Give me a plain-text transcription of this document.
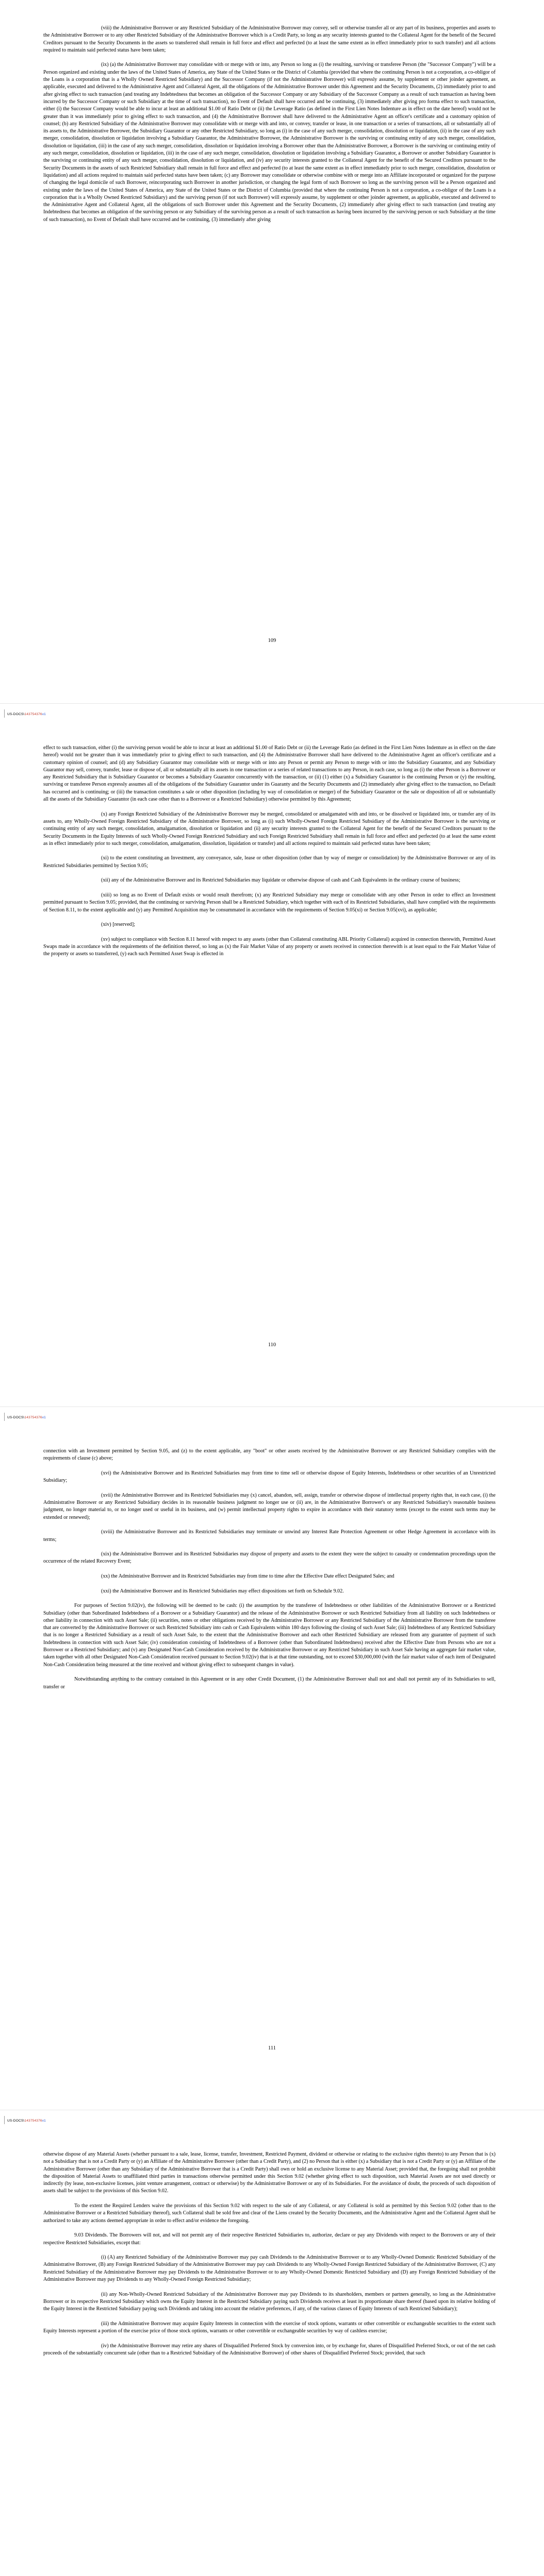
(viii) the Administrative Borrower or any Restricted Subsidiary of the Administrative Borrower may convey, sell or otherwise transfer all or any part of its business, properties and assets to the Administrative Borrower or to any other Restricted Subsidiary of the Administrative Borrower which is a Credit Party, so long as any security interests granted to the Collateral Agent for the benefit of the Secured Creditors pursuant to the Security Documents in the assets so transferred shall remain in full force and effect and perfected (to at least the same extent as in effect immediately prior to such transfer) and all actions required to maintain said perfected status have been taken;

(ix) (a) the Administrative Borrower may consolidate with or merge with or into, any Person so long as (i) the resulting, surviving or transferee Person (the "Successor Company") will be a Person organized and existing under the laws of the United States of America, any State of the United States or the District of Columbia (provided that where the continuing Person is not a corporation, a co-obligor of the Loans is a corporation that is a Wholly Owned Restricted Subsidiary) and the Successor Company (if not the Administrative Borrower) will expressly assume, by supplement or other joinder agreement, as applicable, executed and delivered to the Administrative Agent and Collateral Agent, all the obligations of the Administrative Borrower under this Agreement and the Security Documents, (2) immediately prior to and after giving effect to such transaction (and treating any Indebtedness that becomes an obligation of the Successor Company or any Subsidiary of the Successor Company as a result of such transaction as having been incurred by the Successor Company or such Subsidiary at the time of such transaction), no Event of Default shall have occurred and be continuing, (3) immediately after giving pro forma effect to such transaction, either (i) the Successor Company would be able to incur at least an additional $1.00 of Ratio Debt or (ii) the Leverage Ratio (as defined in the First Lien Notes Indenture as in effect on the date hereof) would not be greater than it was immediately prior to giving effect to such transaction, and (4) the Administrative Borrower shall have delivered to the Administrative Agent an officer's certificate and a customary opinion of counsel; (b) any Restricted Subsidiary of the Administrative Borrower may consolidate with or merge with and into, or convey, transfer or lease, in one transaction or a series of transactions, all or substantially all of its assets to, the Administrative Borrower, the Subsidiary Guarantor or any other Restricted Subsidiary, so long as (i) in the case of any such merger, consolidation, dissolution or liquidation, (ii) in the case of any such merger, consolidation, dissolution or liquidation involving a Subsidiary Guarantor, the Administrative Borrower, the Administrative Borrower is the surviving or continuing entity of any such merger, consolidation, dissolution or liquidation, (iii) in the case of any such merger, consolidation, dissolution or liquidation involving a Borrower other than the Administrative Borrower, a Borrower is the surviving or continuing entity of any such merger, consolidation, dissolution or liquidation, (iii) in the case of any such merger, consolidation, dissolution or liquidation involving a Subsidiary Guarantor, a Borrower or another Subsidiary Guarantor is the surviving or continuing entity of any such merger, consolidation, dissolution or liquidation, and (iv) any security interests granted to the Collateral Agent for the benefit of the Secured Creditors pursuant to the Security Documents in the assets of such Restricted Subsidiary shall remain in full force and effect and perfected (to at least the same extent as in effect immediately prior to such merger, consolidation, dissolution or liquidation) and all actions required to maintain said perfected status have been taken; (c) any Borrower may consolidate or otherwise combine with or merge into an Affiliate incorporated or organized for the purpose of changing the legal domicile of such Borrower, reincorporating such Borrower in another jurisdiction, or changing the legal form of such Borrower so long as the surviving person will be a Person organized and existing under the laws of the United States of America, any State of the United States or the District of Columbia (provided that where the continuing Person is not a corporation, a co-obligor of the Loans is a corporation that is a Wholly Owned Restricted Subsidiary) and the surviving person (if not such Borrower) will expressly assume, by supplement or other joinder agreement, as applicable, executed and delivered to the Administrative Agent and Collateral Agent, all the obligations of such Borrower under this Agreement and the Security Documents, (2) immediately after giving effect to such transaction (and treating any Indebtedness that becomes an obligation of the surviving person or any Subsidiary of the surviving person as a result of such transaction as having been incurred by the surviving person or such Subsidiary at the time of such transaction), no Event of Default shall have occurred and be continuing, (3) immediately after giving

109
US-DOCS\143754376v1

effect to such transaction, either (i) the surviving person would be able to incur at least an additional $1.00 of Ratio Debt or (ii) the Leverage Ratio (as defined in the First Lien Notes Indenture as in effect on the date hereof) would not be greater than it was immediately prior to giving effect to such transaction, and (4) the Administrative Borrower shall have delivered to the Administrative Agent an officer's certificate and a customary opinion of counsel; and (d) any Subsidiary Guarantor may consolidate with or merge with or into any Person or permit any Person to merge with or into the Subsidiary Guarantor, and any Subsidiary Guarantor may sell, convey, transfer, lease or dispose of, all or substantially all its assets in one transaction or a series of related transactions to any Person, in each case, so long as (i) the other Person is a Borrower or any Restricted Subsidiary that is Subsidiary Guarantor or becomes a Subsidiary Guarantor concurrently with the transaction, or (ii) (1) either (x) a Subsidiary Guarantor is the continuing Person or (y) the resulting, surviving or transferee Person expressly assumes all of the obligations of the Subsidiary Guarantor under its Guaranty and the Security Documents and (2) immediately after giving effect to the transaction, no Default has occurred and is continuing; or (iii) the transaction constitutes a sale or other disposition (including by way of consolidation or merger) of the Subsidiary Guarantor or the sale or disposition of all or substantially all the assets of the Subsidiary Guarantor (in each case other than to a Borrower or a Restricted Subsidiary) otherwise permitted by this Agreement;

(x) any Foreign Restricted Subsidiary of the Administrative Borrower may be merged, consolidated or amalgamated with and into, or be dissolved or liquidated into, or transfer any of its assets to, any Wholly-Owned Foreign Restricted Subsidiary of the Administrative Borrower, so long as (i) such Wholly-Owned Foreign Restricted Subsidiary of the Administrative Borrower is the surviving or continuing entity of any such merger, consolidation, amalgamation, dissolution or liquidation and (ii) any security interests granted to the Collateral Agent for the benefit of the Secured Creditors pursuant to the Security Documents in the Equity Interests of such Wholly-Owned Foreign Restricted Subsidiary and such Foreign Restricted Subsidiary shall remain in full force and effect and perfected (to at least the same extent as in effect immediately prior to such merger, consolidation, amalgamation, dissolution, liquidation or transfer) and all actions required to maintain said perfected status have been taken;

(xi) to the extent constituting an Investment, any conveyance, sale, lease or other disposition (other than by way of merger or consolidation) by the Administrative Borrower or any of its Restricted Subsidiaries permitted by Section 9.05;

(xii) any of the Administrative Borrower and its Restricted Subsidiaries may liquidate or otherwise dispose of cash and Cash Equivalents in the ordinary course of business;

(xiii) so long as no Event of Default exists or would result therefrom; (x) any Restricted Subsidiary may merge or consolidate with any other Person in order to effect an Investment permitted pursuant to Section 9.05; provided, that the continuing or surviving Person shall be a Restricted Subsidiary, which together with each of its Restricted Subsidiaries, shall have complied with the requirements of Section 8.11, to the extent applicable and (y) any Permitted Acquisition may be consummated in accordance with the requirements of Section 9.05(xi) or Section 9.05(xvi), as applicable;

(xiv) [reserved];

(xv) subject to compliance with Section 8.11 hereof with respect to any assets (other than Collateral constituting ABL Priority Collateral) acquired in connection therewith, Permitted Asset Swaps made in accordance with the requirements of the definition thereof, so long as (x) the Fair Market Value of any property or assets received in connection therewith is at least equal to the Fair Market Value of the property or assets so transferred, (y) each such Permitted Asset Swap is effected in

110
US-DOCS\143754376v1

connection with an Investment permitted by Section 9.05, and (z) to the extent applicable, any "boot" or other assets received by the Administrative Borrower or any Restricted Subsidiary complies with the requirements of clause (c) above;

(xvi) the Administrative Borrower and its Restricted Subsidiaries may from time to time sell or otherwise dispose of Equity Interests, Indebtedness or other securities of an Unrestricted Subsidiary;

(xvii) the Administrative Borrower and its Restricted Subsidiaries may (x) cancel, abandon, sell, assign, transfer or otherwise dispose of intellectual property rights that, in each case, (i) the Administrative Borrower or any Restricted Subsidiary decides in its reasonable business judgment no longer use or (ii) are, in the Administrative Borrower's or any Restricted Subsidiary's reasonable business judgment, no longer material to, or no longer used or useful in its business, and (w) permit intellectual property rights to expire in accordance with their statutory terms (except to the extent such terms may be extended or renewed);

(xviii) the Administrative Borrower and its Restricted Subsidiaries may terminate or unwind any Interest Rate Protection Agreement or other Hedge Agreement in accordance with its terms;

(xix) the Administrative Borrower and its Restricted Subsidiaries may dispose of property and assets to the extent they were the subject to casualty or condemnation proceedings upon the occurrence of the related Recovery Event;

(xx) the Administrative Borrower and its Restricted Subsidiaries may from time to time after the Effective Date effect Designated Sales; and

(xxi) the Administrative Borrower and its Restricted Subsidiaries may effect dispositions set forth on Schedule 9.02.

For purposes of Section 9.02(iv), the following will be deemed to be cash: (i) the assumption by the transferee of Indebtedness or other liabilities of the Administrative Borrower or a Restricted Subsidiary (other than Subordinated Indebtedness of a Borrower or a Subsidiary Guarantor) and the release of the Administrative Borrower or such Restricted Subsidiary from all liability on such Indebtedness or other liability in connection with such Asset Sale; (ii) securities, notes or other obligations received by the Administrative Borrower or any Restricted Subsidiary of the Administrative Borrower from the transferee that are converted by the Administrative Borrower or such Restricted Subsidiary into cash or Cash Equivalents within 180 days following the closing of such Asset Sale; (iii) Indebtedness of any Restricted Subsidiary that is no longer a Restricted Subsidiary as a result of such Asset Sale, to the extent that the Administrative Borrower and each other Restricted Subsidiary are released from any guarantee of payment of such Indebtedness in connection with such Asset Sale; (iv) consideration consisting of Indebtedness of a Borrower (other than Subordinated Indebtedness) received after the Effective Date from Persons who are not a Borrower or a Restricted Subsidiary; and (v) any Designated Non-Cash Consideration received by the Administrative Borrower or any Restricted Subsidiary in such Asset Sale having an aggregate fair market value, taken together with all other Designated Non-Cash Consideration received pursuant to Section 9.02(iv) that is at that time outstanding, not to exceed $30,000,000 (with the fair market value of each item of Designated Non-Cash Consideration being measured at the time received and without giving effect to subsequent changes in value).

Notwithstanding anything to the contrary contained in this Agreement or in any other Credit Document, (1) the Administrative Borrower shall not and shall not permit any of its Subsidiaries to sell, transfer or

111
US-DOCS\143754376v1

otherwise dispose of any Material Assets (whether pursuant to a sale, lease, license, transfer, Investment, Restricted Payment, dividend or otherwise or relating to the exclusive rights thereto) to any Person that is (x) not a Subsidiary that is not a Credit Party or (y) an Affiliate of the Administrative Borrower (other than a Credit Party), and (2) no Person that is either (x) a Subsidiary that is not a Credit Party or (y) an Affiliate of the Administrative Borrower (other than any Subsidiary of the Administrative Borrower that is a Credit Party) shall own or hold an exclusive license to any Material Asset; provided that, the foregoing shall not prohibit the disposition of Material Assets to unaffiliated third parties in transactions otherwise permitted under this Section 9.02 (whether giving effect to such disposition, such Material Assets are not used directly or indirectly (by lease, non-exclusive licenses, joint venture arrangement, contract or otherwise) by the Administrative Borrower or any of its Subsidiaries. For the avoidance of doubt, the proceeds of such disposition of assets shall be subject to the provisions of this Section 9.02.

To the extent the Required Lenders waive the provisions of this Section 9.02 with respect to the sale of any Collateral, or any Collateral is sold as permitted by this Section 9.02 (other than to the Administrative Borrower or a Restricted Subsidiary thereof), such Collateral shall be sold free and clear of the Liens created by the Security Documents, and the Administrative Agent and the Collateral Agent shall be authorized to take any actions deemed appropriate in order to effect and/or evidence the foregoing.

9.03 Dividends. The Borrowers will not, and will not permit any of their respective Restricted Subsidiaries to, authorize, declare or pay any Dividends with respect to the Borrowers or any of their respective Restricted Subsidiaries, except that:

(i) (A) any Restricted Subsidiary of the Administrative Borrower may pay cash Dividends to the Administrative Borrower or to any Wholly-Owned Domestic Restricted Subsidiary of the Administrative Borrower, (B) any Foreign Restricted Subsidiary of the Administrative Borrower may pay cash Dividends to any Wholly-Owned Foreign Restricted Subsidiary of the Administrative Borrower, (C) any Restricted Subsidiary of the Administrative Borrower may pay Dividends to the Administrative Borrower or to any Wholly-Owned Domestic Restricted Subsidiary and (D) any Foreign Restricted Subsidiary of the Administrative Borrower may pay Dividends to any Wholly-Owned Foreign Restricted Subsidiary;

(ii) any Non-Wholly-Owned Restricted Subsidiary of the Administrative Borrower may pay Dividends to its shareholders, members or partners generally, so long as the Administrative Borrower or its respective Restricted Subsidiary which owns the Equity Interest in the Restricted Subsidiary paying such Dividends receives at least its proportionate share thereof (based upon its relative holding of the Equity Interest in the Restricted Subsidiary paying such Dividends and taking into account the relative preferences, if any, of the various classes of Equity Interests of such Restricted Subsidiary);

(iii) the Administrative Borrower may acquire Equity Interests in connection with the exercise of stock options, warrants or other convertible or exchangeable securities to the extent such Equity Interests represent a portion of the exercise price of those stock options, warrants or other convertible or exchangeable securities by way of cashless exercise;

(iv) the Administrative Borrower may retire any shares of Disqualified Preferred Stock by conversion into, or by exchange for, shares of Disqualified Preferred Stock, or out of the net cash proceeds of the substantially concurrent sale (other than to a Restricted Subsidiary of the Administrative Borrower) of other shares of Disqualified Preferred Stock; provided, that such
